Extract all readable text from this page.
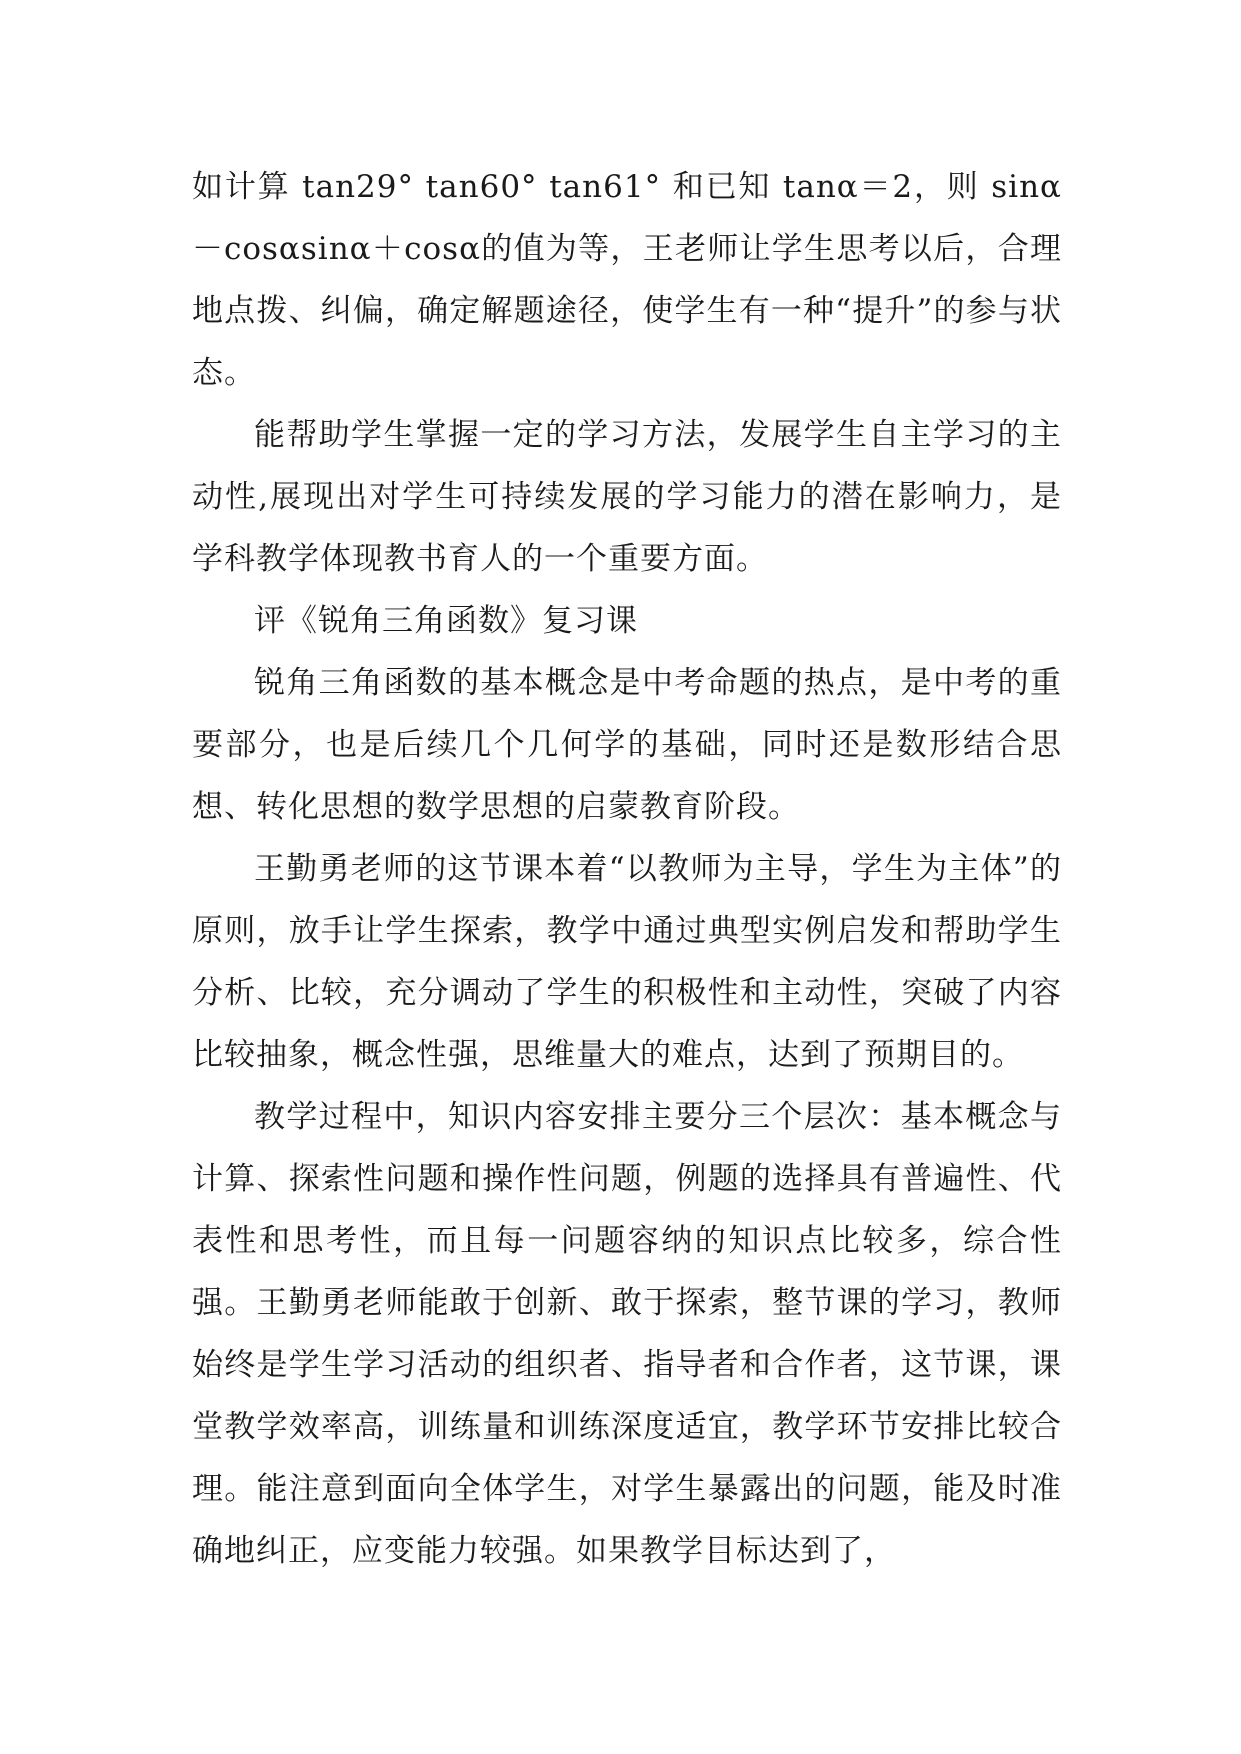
如计算 tan29° tan60° tan61° 和已知 tanα＝2，则 sinα－cosαsinα＋cosα的值为等，王老师让学生思考以后，合理地点拨、纠偏，确定解题途径，使学生有一种“提升”的参与状态。

能帮助学生掌握一定的学习方法，发展学生自主学习的主动性,展现出对学生可持续发展的学习能力的潜在影响力，是学科教学体现教书育人的一个重要方面。

评《锐角三角函数》复习课

锐角三角函数的基本概念是中考命题的热点，是中考的重要部分，也是后续几个几何学的基础，同时还是数形结合思想、转化思想的数学思想的启蒙教育阶段。

王勤勇老师的这节课本着“以教师为主导，学生为主体”的原则，放手让学生探索，教学中通过典型实例启发和帮助学生分析、比较，充分调动了学生的积极性和主动性，突破了内容比较抽象，概念性强，思维量大的难点，达到了预期目的。

教学过程中，知识内容安排主要分三个层次：基本概念与计算、探索性问题和操作性问题，例题的选择具有普遍性、代表性和思考性，而且每一问题容纳的知识点比较多，综合性强。王勤勇老师能敢于创新、敢于探索，整节课的学习，教师始终是学生学习活动的组织者、指导者和合作者，这节课，课堂教学效率高，训练量和训练深度适宜，教学环节安排比较合理。能注意到面向全体学生，对学生暴露出的问题，能及时准确地纠正，应变能力较强。如果教学目标达到了，
